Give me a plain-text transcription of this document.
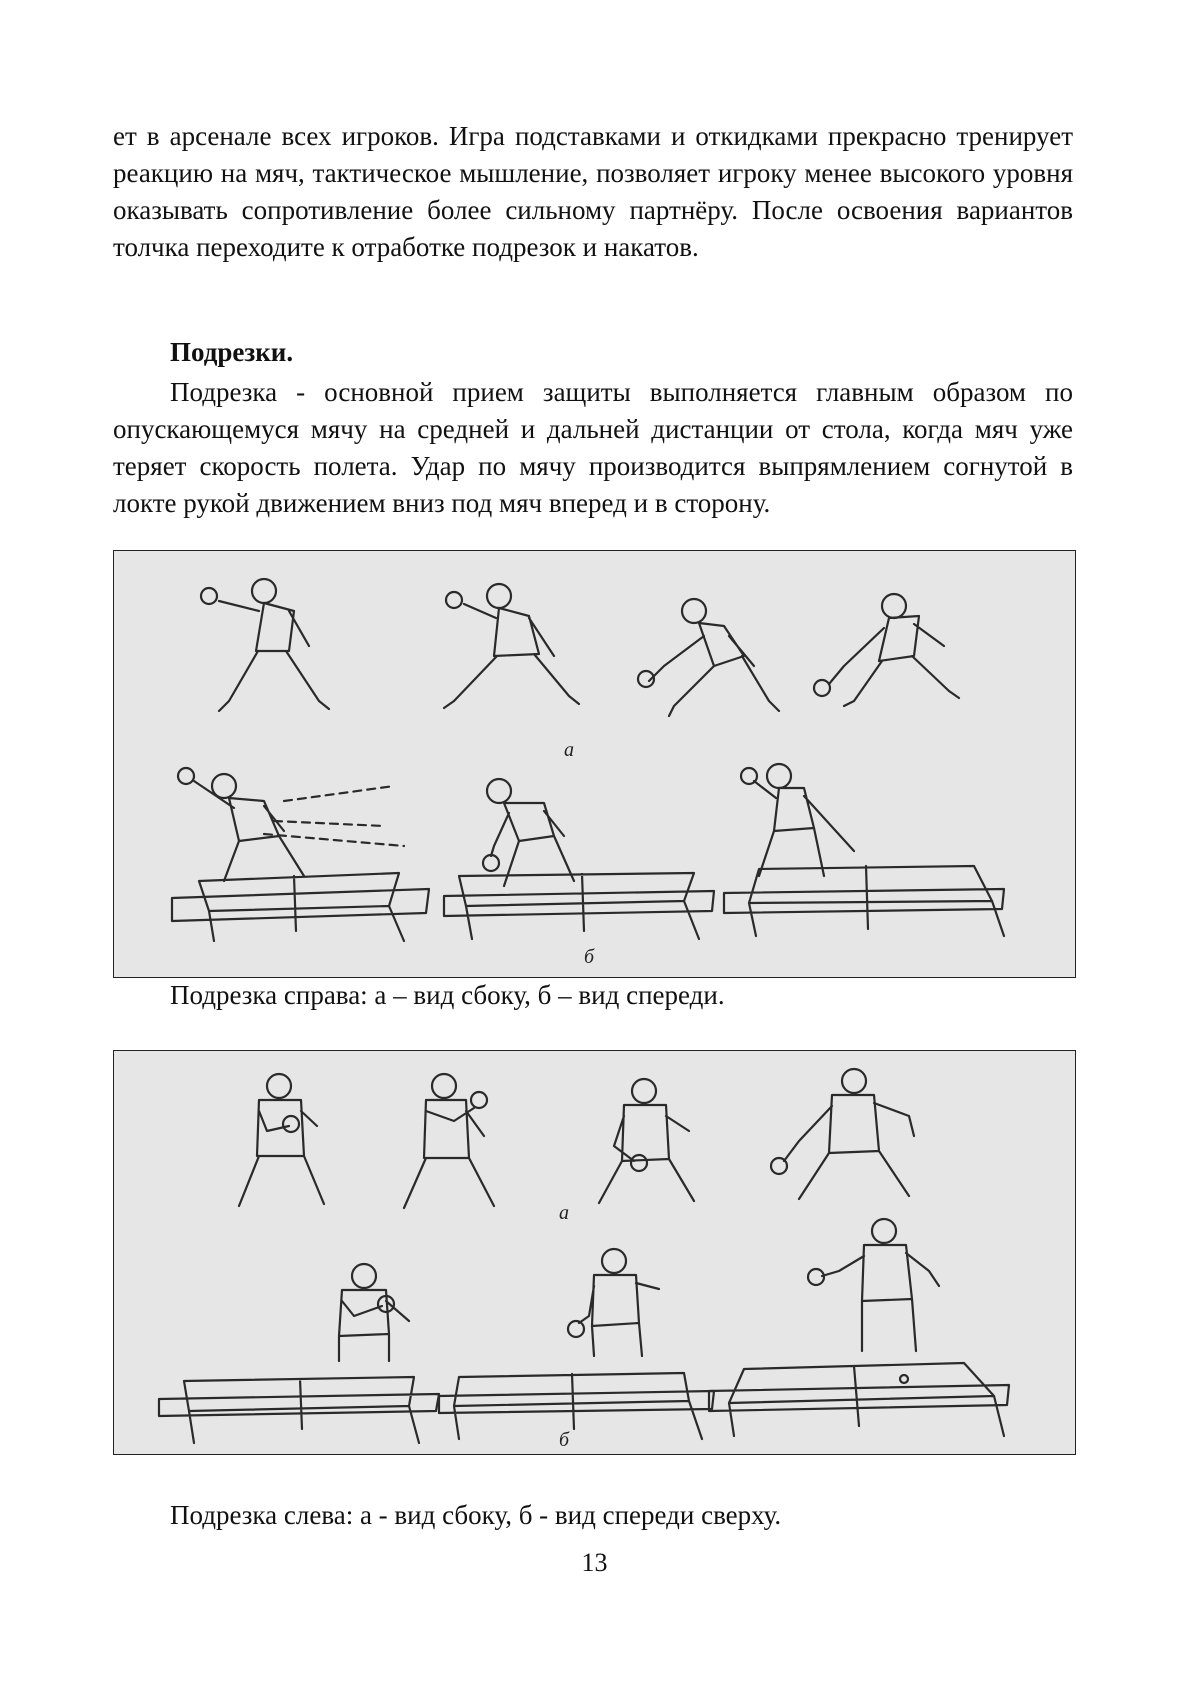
ет в арсенале всех игроков. Игра подставками и откидками прекрасно тренирует реакцию на мяч, тактическое мышление, позволяет игроку менее высокого уровня оказывать сопротивление более сильному партнёру. После освоения вариантов толчка переходите к отработке подрезок и накатов.

Подрезки.

Подрезка - основной прием защиты выполняется главным образом по опускающемуся мячу на средней и дальней дистанции от стола, когда мяч уже теряет скорость полета. Удар по мячу производится выпрямлением согнутой в локте рукой движением вниз под мяч вперед и в сторону.

а
б

Подрезка справа: а – вид сбоку, б – вид спереди.

а
б

Подрезка слева: а - вид сбоку, б - вид спереди сверху.

13
